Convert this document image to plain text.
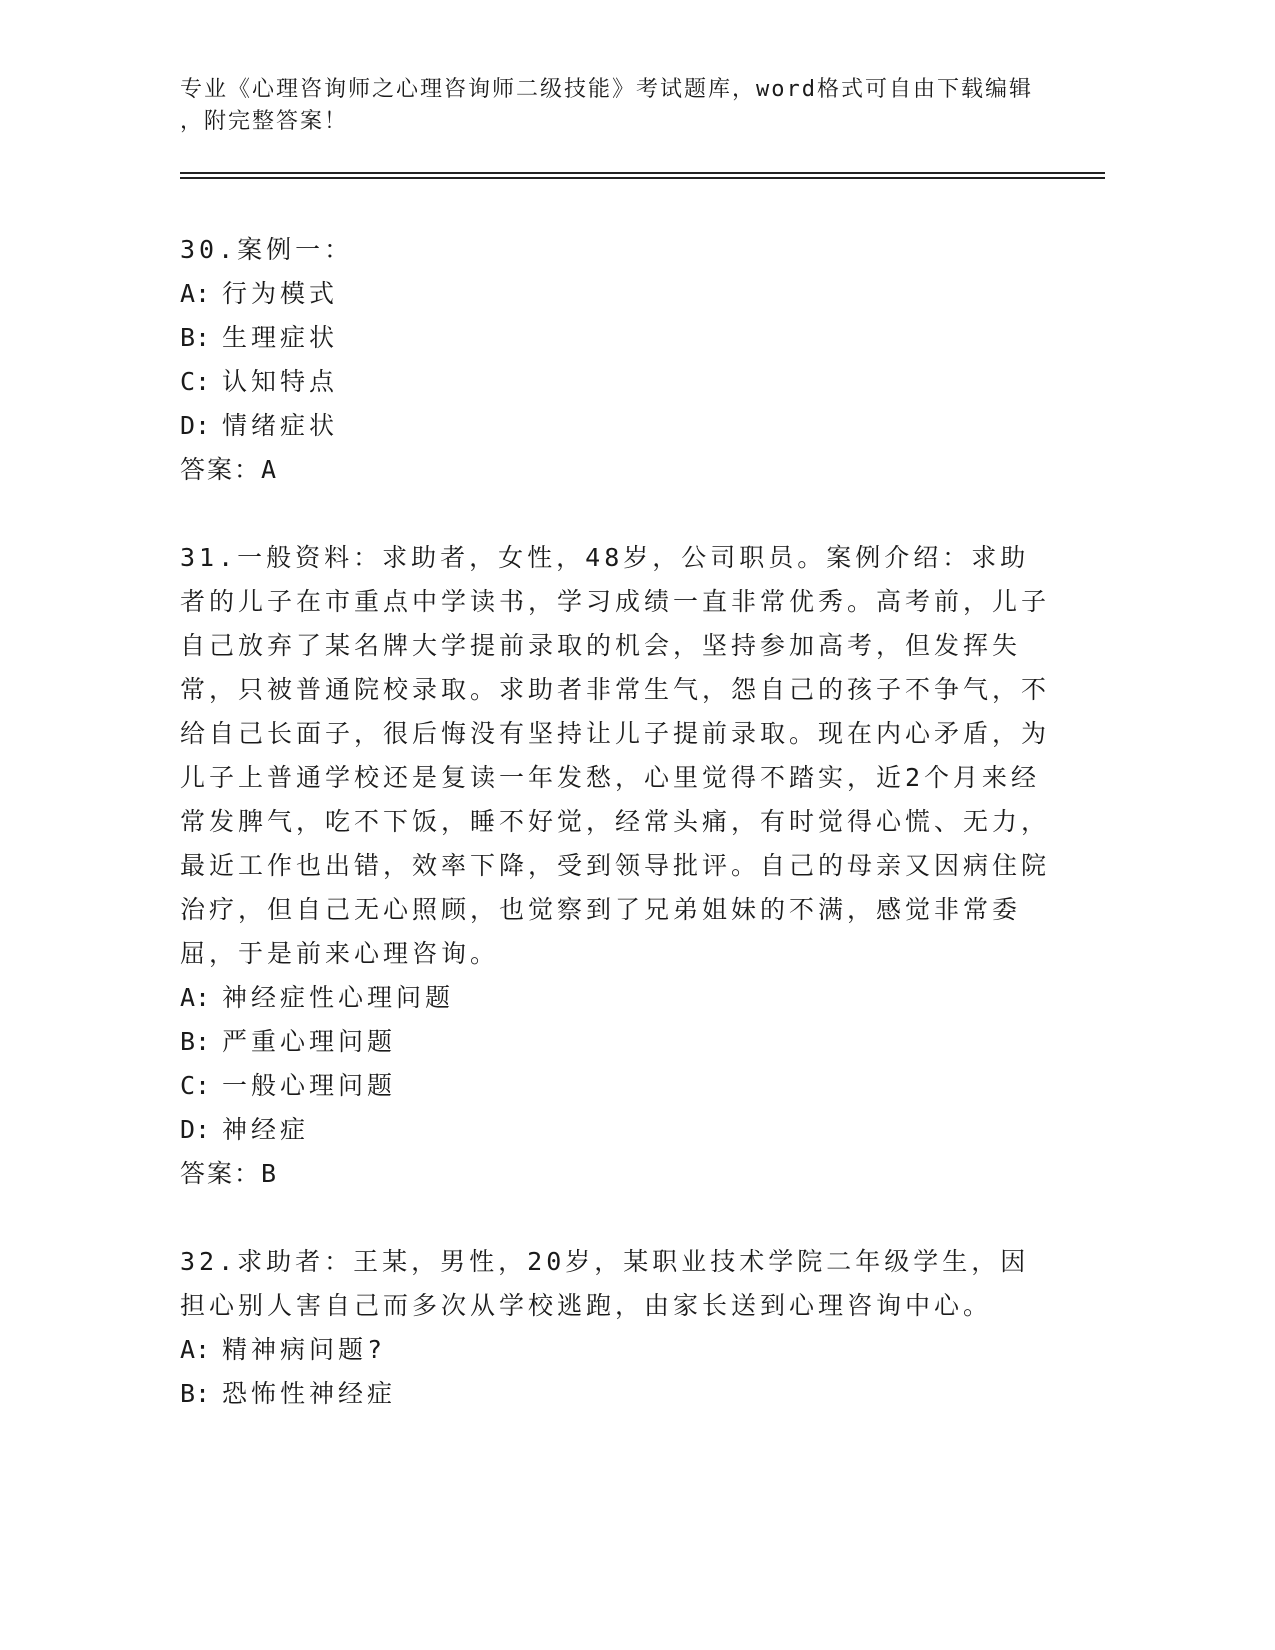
专业《心理咨询师之心理咨询师二级技能》考试题库，word格式可自由下载编辑
，附完整答案！

30.案例一：

A: 行为模式
B: 生理症状
C: 认知特点
D: 情绪症状

答案：A

31.一般资料：求助者，女性，48岁，公司职员。案例介绍：求助者的儿子在市重点中学读书，学习成绩一直非常优秀。高考前，儿子自己放弃了某名牌大学提前录取的机会，坚持参加高考，但发挥失常，只被普通院校录取。求助者非常生气，怨自己的孩子不争气，不给自己长面子，很后悔没有坚持让儿子提前录取。现在内心矛盾，为儿子上普通学校还是复读一年发愁，心里觉得不踏实，近2个月来经常发脾气，吃不下饭，睡不好觉，经常头痛，有时觉得心慌、无力，最近工作也出错，效率下降，受到领导批评。自己的母亲又因病住院治疗，但自己无心照顾，也觉察到了兄弟姐妹的不满，感觉非常委屈，于是前来心理咨询。

A: 神经症性心理问题
B: 严重心理问题
C: 一般心理问题
D: 神经症

答案：B

32.求助者：王某，男性，20岁，某职业技术学院二年级学生，因担心别人害自己而多次从学校逃跑，由家长送到心理咨询中心。

A: 精神病问题?
B: 恐怖性神经症
